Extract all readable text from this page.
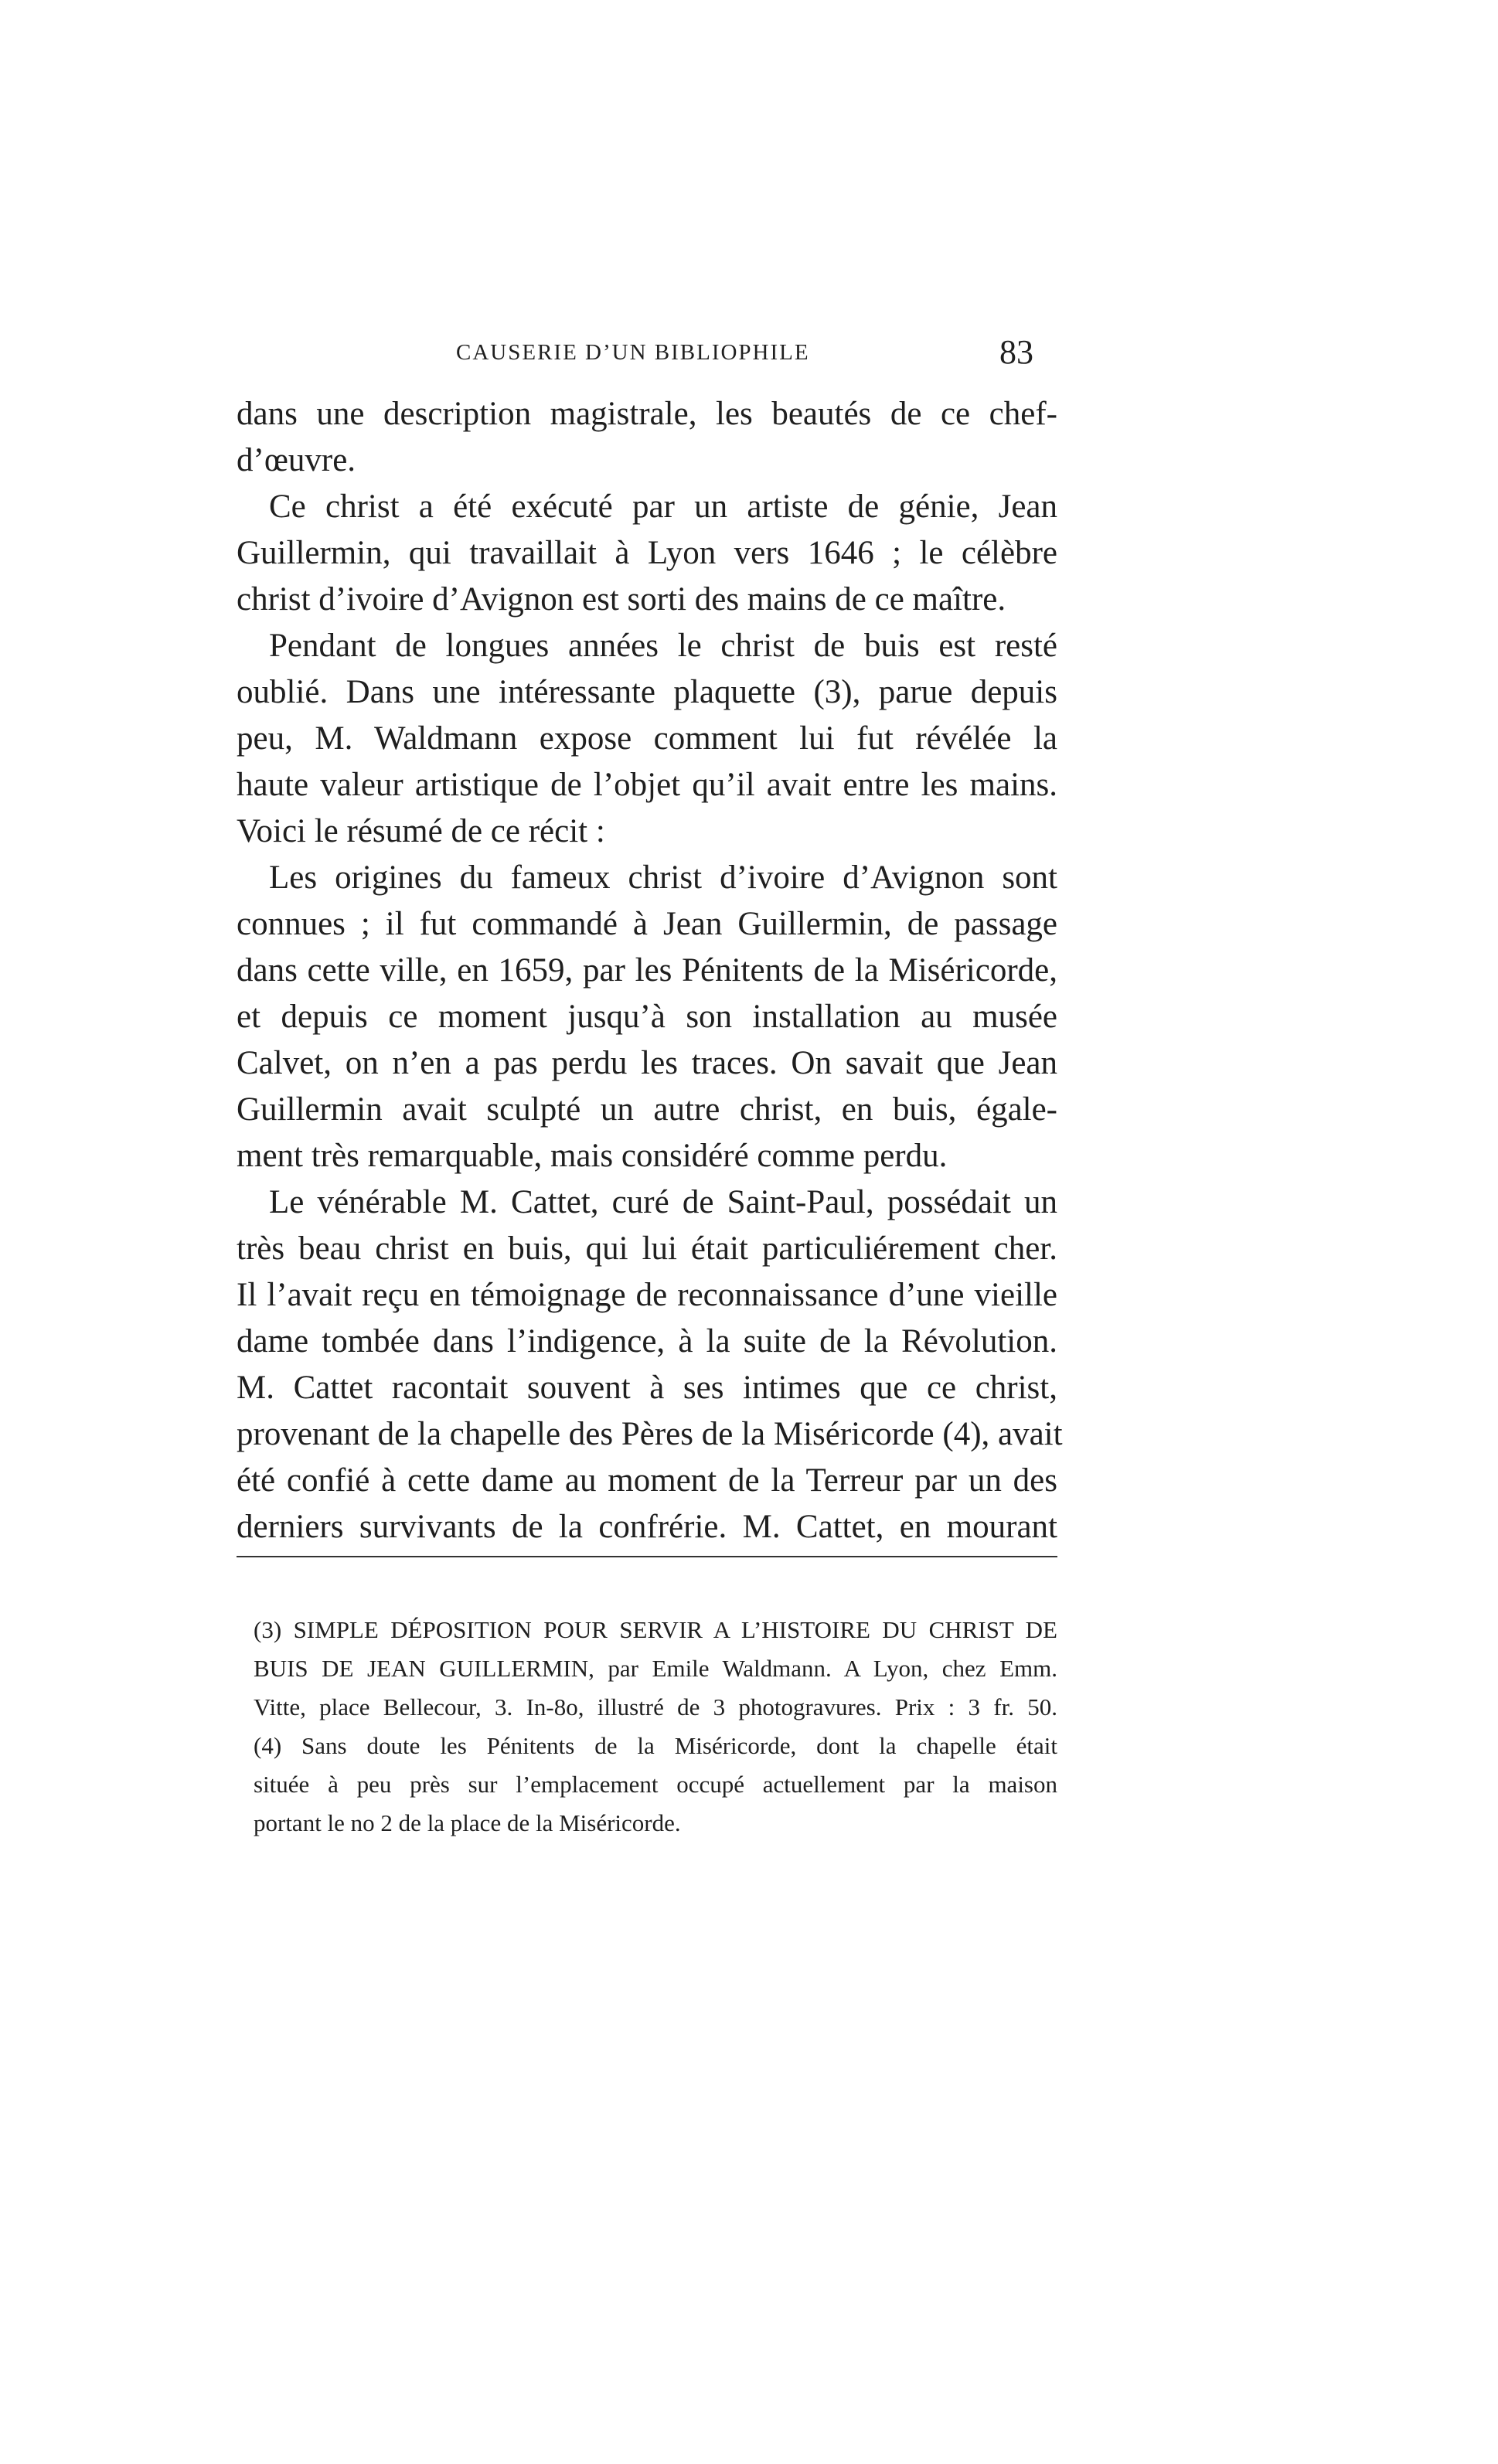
CAUSERIE D’UN BIBLIOPHILE	83
dans une description magistrale, les beautés de ce chef-
d’œuvre.
Ce christ a été exécuté par un artiste de génie, Jean
Guillermin, qui travaillait à Lyon vers 1646 ; le célèbre
christ d’ivoire d’Avignon est sorti des mains de ce maître.
Pendant de longues années le christ de buis est resté
oublié. Dans une intéressante plaquette (3), parue depuis
peu, M. Waldmann expose comment lui fut révélée la
haute valeur artistique de l’objet qu’il avait entre les mains.
Voici le résumé de ce récit :
Les origines du fameux christ d’ivoire d’Avignon sont
connues ; il fut commandé à Jean Guillermin, de passage
dans cette ville, en 1659, par les Pénitents de la Miséricorde,
et depuis ce moment jusqu’à son installation au musée
Calvet, on n’en a pas perdu les traces. On savait que Jean
Guillermin avait sculpté un autre christ, en buis, égale-
ment très remarquable, mais considéré comme perdu.
Le vénérable M. Cattet, curé de Saint-Paul, possédait un
très beau christ en buis, qui lui était particuliérement cher.
Il l’avait reçu en témoignage de reconnaissance d’une vieille
dame tombée dans l’indigence, à la suite de la Révolution.
M. Cattet racontait souvent à ses intimes que ce christ,
provenant de la chapelle des Pères de la Miséricorde (4), avait
été confié à cette dame au moment de la Terreur par un des
derniers survivants de la confrérie. M. Cattet, en mourant
(3) SIMPLE DÉPOSITION POUR SERVIR A L’HISTOIRE DU CHRIST DE
BUIS DE JEAN GUILLERMIN, par Emile Waldmann. A Lyon, chez Emm.
Vitte, place Bellecour, 3. In-8o, illustré de 3 photogravures. Prix : 3 fr. 50.
(4) Sans doute les Pénitents de la Miséricorde, dont la chapelle était
située à peu près sur l’emplacement occupé actuellement par la maison
portant le no 2 de la place de la Miséricorde.
